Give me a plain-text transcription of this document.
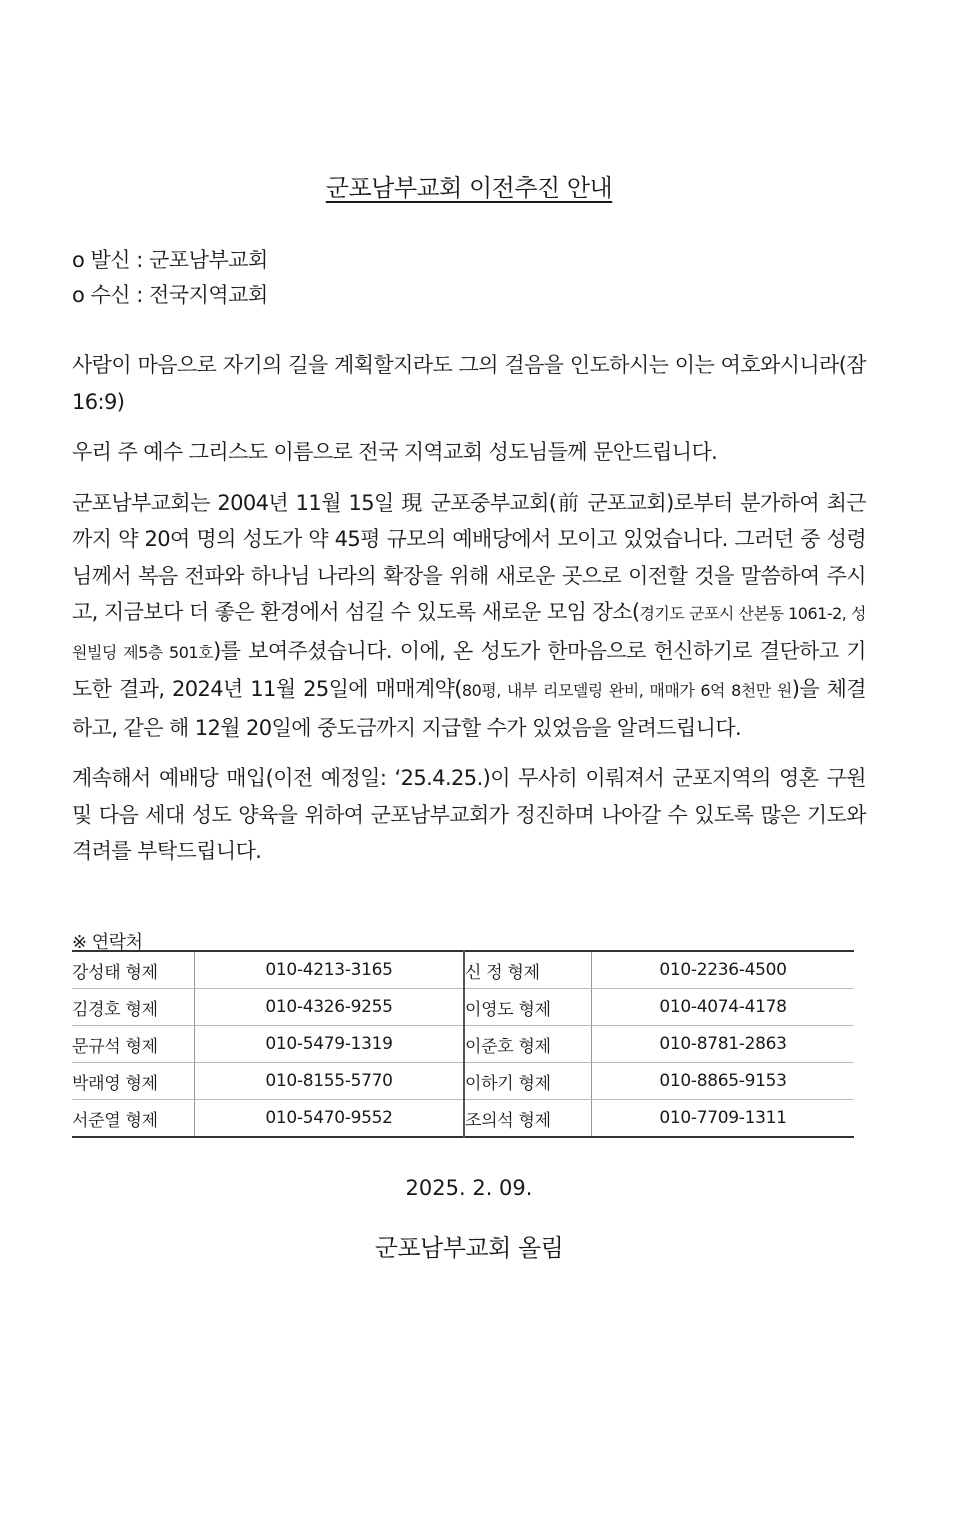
군포남부교회 이전추진 안내
o 발신 : 군포남부교회
o 수신 : 전국지역교회

사람이 마음으로 자기의 길을 계획할지라도 그의 걸음을 인도하시는 이는 여호와시니라(잠 16:9)

우리 주 예수 그리스도 이름으로 전국 지역교회 성도님들께 문안드립니다.

군포남부교회는 2004년 11월 15일 現 군포중부교회(前 군포교회)로부터 분가하여 최근까지 약 20여 명의 성도가 약 45평 규모의 예배당에서 모이고 있었습니다. 그러던 중 성령님께서 복음 전파와 하나님 나라의 확장을 위해 새로운 곳으로 이전할 것을 말씀하여 주시고, 지금보다 더 좋은 환경에서 섬길 수 있도록 새로운 모임 장소(경기도 군포시 산본동 1061-2, 성원빌딩 제5층 501호)를 보여주셨습니다. 이에, 온 성도가 한마음으로 헌신하기로 결단하고 기도한 결과, 2024년 11월 25일에 매매계약(80평, 내부 리모델링 완비, 매매가 6억 8천만 원)을 체결하고, 같은 해 12월 20일에 중도금까지 지급할 수가 있었음을 알려드립니다.

계속해서 예배당 매입(이전 예정일: ‘25.4.25.)이 무사히 이뤄져서 군포지역의 영혼 구원 및 다음 세대 성도 양육을 위하여 군포남부교회가 정진하며 나아갈 수 있도록 많은 기도와 격려를 부탁드립니다.

※ 연락처
강성태 형제	010-4213-3165	신 정 형제	010-2236-4500
김경호 형제	010-4326-9255	이영도 형제	010-4074-4178
문규석 형제	010-5479-1319	이준호 형제	010-8781-2863
박래영 형제	010-8155-5770	이하기 형제	010-8865-9153
서준열 형제	010-5470-9552	조의석 형제	010-7709-1311
2025. 2. 09.
군포남부교회 올림
